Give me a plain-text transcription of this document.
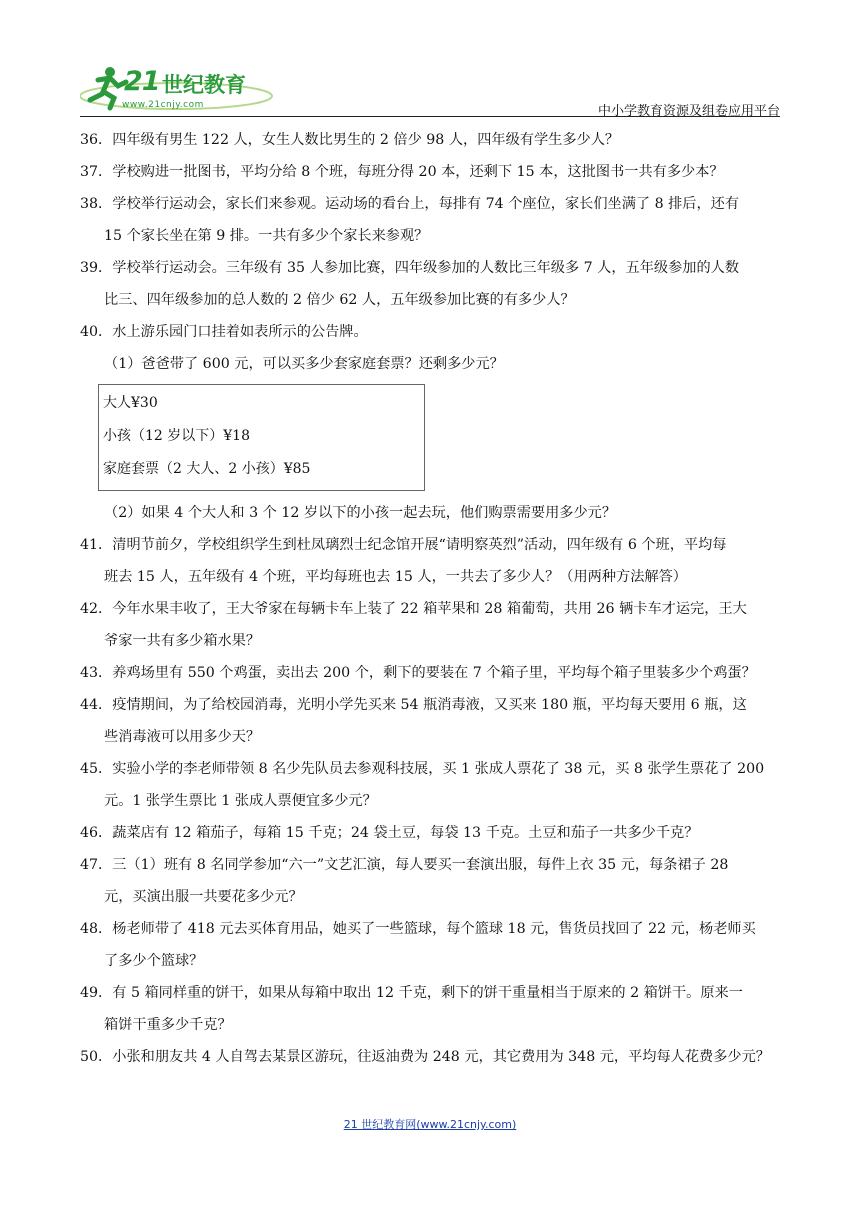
21 世纪教育
www.21cnjy.com	中小学教育资源及组卷应用平台

36．四年级有男生 122 人，女生人数比男生的 2 倍少 98 人，四年级有学生多少人？

37．学校购进一批图书，平均分给 8 个班，每班分得 20 本，还剩下 15 本，这批图书一共有多少本？

38．学校举行运动会，家长们来参观。运动场的看台上，每排有 74 个座位，家长们坐满了 8 排后，还有

15 个家长坐在第 9 排。一共有多少个家长来参观？

39．学校举行运动会。三年级有 35 人参加比赛，四年级参加的人数比三年级多 7 人，五年级参加的人数

比三、四年级参加的总人数的 2 倍少 62 人，五年级参加比赛的有多少人？

40．水上游乐园门口挂着如表所示的公告牌。

（1）爸爸带了 600 元，可以买多少套家庭套票？还剩多少元？

大人¥30
小孩（12 岁以下）¥18
家庭套票（2 大人、2 小孩）¥85

（2）如果 4 个大人和 3 个 12 岁以下的小孩一起去玩，他们购票需要用多少元？

41．清明节前夕，学校组织学生到杜凤璃烈士纪念馆开展“请明察英烈”活动，四年级有 6 个班，平均每

班去 15 人，五年级有 4 个班，平均每班也去 15 人，一共去了多少人？（用两种方法解答）

42．今年水果丰收了，王大爷家在每辆卡车上装了 22 箱苹果和 28 箱葡萄，共用 26 辆卡车才运完，王大

爷家一共有多少箱水果？

43．养鸡场里有 550 个鸡蛋，卖出去 200 个，剩下的要装在 7 个箱子里，平均每个箱子里装多少个鸡蛋？

44．疫情期间，为了给校园消毒，光明小学先买来 54 瓶消毒液，又买来 180 瓶，平均每天要用 6 瓶，这

些消毒液可以用多少天？

45．实验小学的李老师带领 8 名少先队员去参观科技展，买 1 张成人票花了 38 元，买 8 张学生票花了 200

元。1 张学生票比 1 张成人票便宜多少元？

46．蔬菜店有 12 箱茄子，每箱 15 千克；24 袋土豆，每袋 13 千克。土豆和茄子一共多少千克？

47．三（1）班有 8 名同学参加“六一”文艺汇演，每人要买一套演出服，每件上衣 35 元，每条裙子 28

元，买演出服一共要花多少元？

48．杨老师带了 418 元去买体育用品，她买了一些篮球，每个篮球 18 元，售货员找回了 22 元，杨老师买

了多少个篮球？

49．有 5 箱同样重的饼干，如果从每箱中取出 12 千克，剩下的饼干重量相当于原来的 2 箱饼干。原来一

箱饼干重多少千克？

50．小张和朋友共 4 人自驾去某景区游玩，往返油费为 248 元，其它费用为 348 元，平均每人花费多少元？

21 世纪教育网(www.21cnjy.com)
